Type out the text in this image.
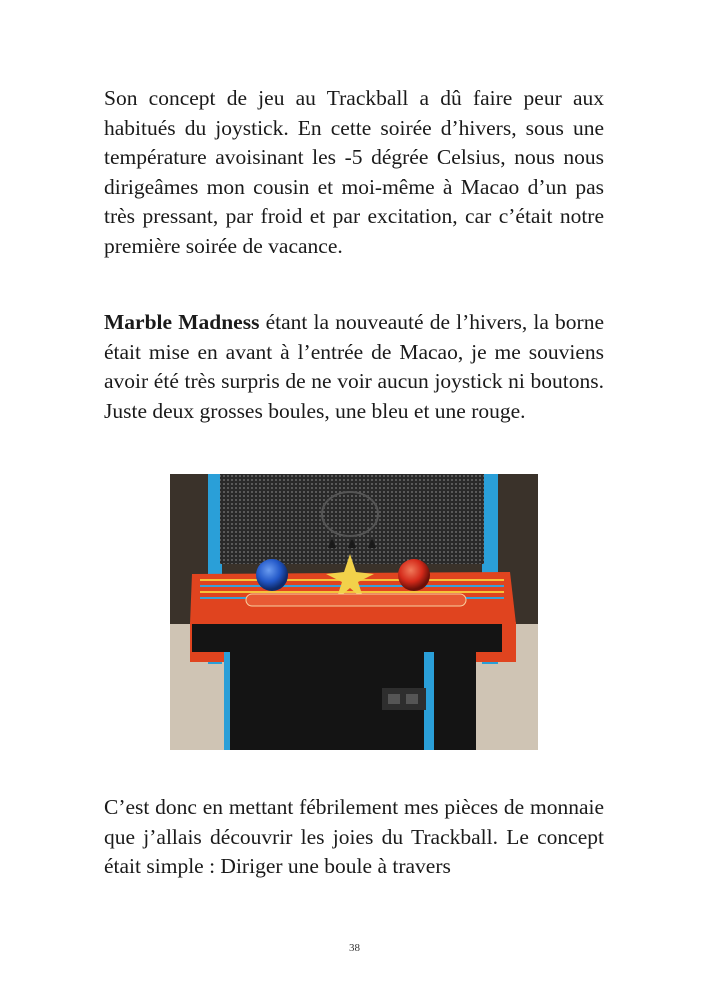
Son concept de jeu au Trackball a dû faire peur aux habitués du joystick. En cette soirée d’hivers, sous une température avoisinant les -5 dégrée Celsius, nous nous dirigeâmes mon cousin et moi-même à Macao d’un pas très pressant, par froid et par excitation, car c’était notre première soirée de vacance.

Marble Madness étant la nouveauté de l’hivers, la borne était mise en avant à l’entrée de Macao, je me souviens avoir été très surpris de ne voir aucun joystick ni boutons. Juste deux grosses boules, une bleu et une rouge.

C’est donc en mettant fébrilement mes pièces de monnaie que j’allais découvrir les joies du Trackball. Le concept était simple : Diriger une boule à travers

38
